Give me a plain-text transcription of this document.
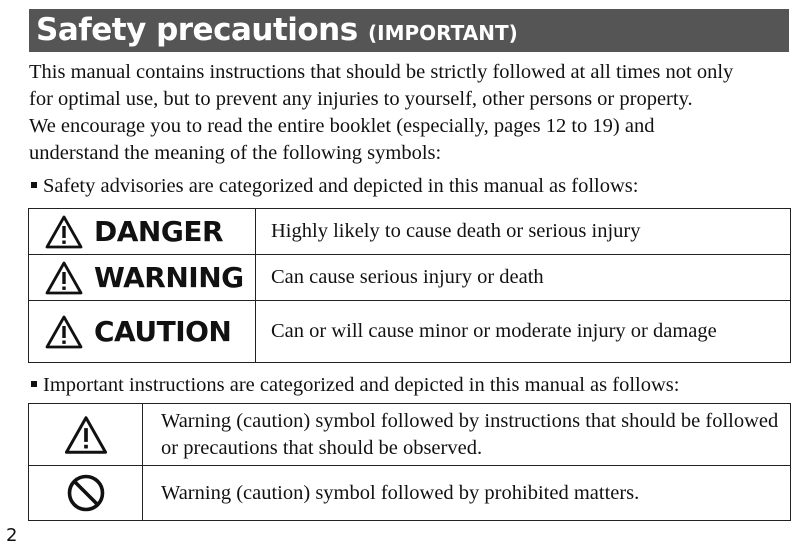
Safety precautions (IMPORTANT)
This manual contains instructions that should be strictly followed at all times not only
for optimal use, but to prevent any injuries to yourself, other persons or property.
We encourage you to read the entire booklet (especially, pages 12 to 19) and
understand the meaning of the following symbols:
Safety advisories are categorized and depicted in this manual as follows:
DANGER	Highly likely to cause death or serious injury

WARNING	Can cause serious injury or death

CAUTION	Can or will cause minor or moderate injury or damage
Important instructions are categorized and depicted in this manual as follows:
	Warning (caution) symbol followed by instructions that should be followed or precautions that should be observed.

	Warning (caution) symbol followed by prohibited matters.
2
